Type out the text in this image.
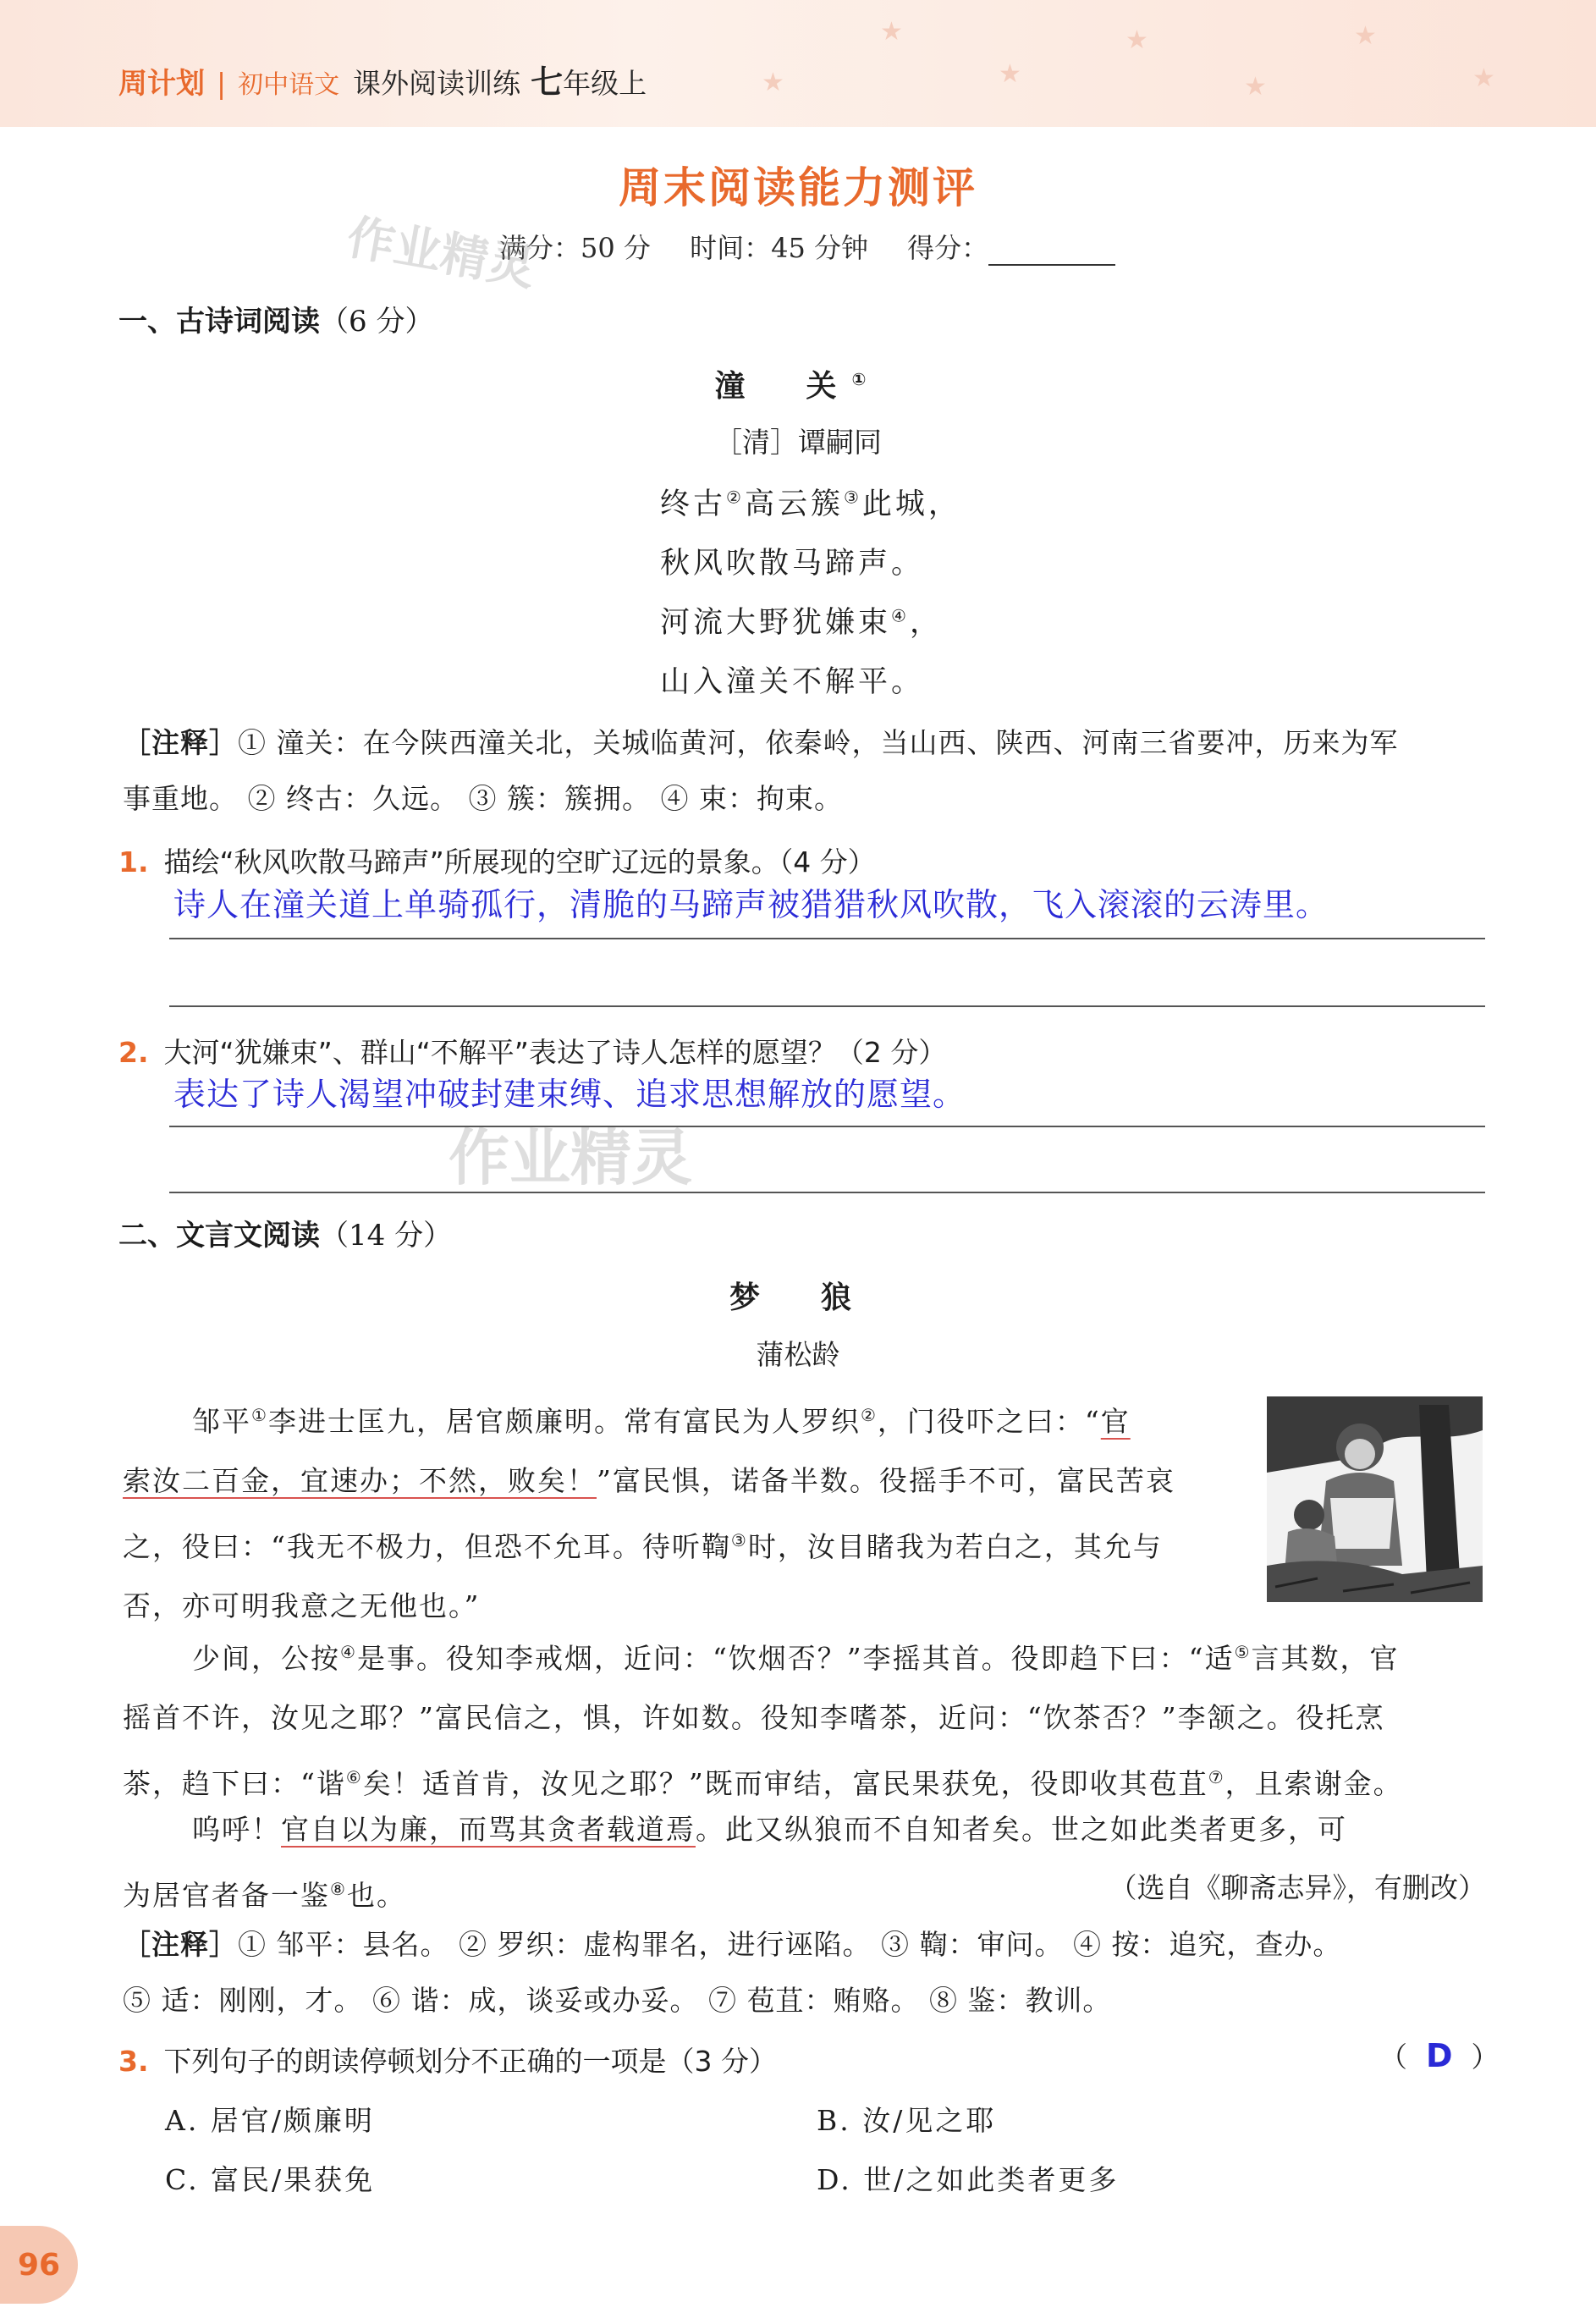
★
★
★
★
★
★
★
周计划 | 初中语文 课外阅读训练 七年级上
周末阅读能力测评
满分：50 分 时间：45 分钟 得分：
作业精灵
作业精灵
一、古诗词阅读（6 分）
潼　关①
［清］谭嗣同
终古②高云簇③此城，
秋风吹散马蹄声。
河流大野犹嫌束④，
山入潼关不解平。
［注释］① 潼关：在今陕西潼关北，关城临黄河，依秦岭，当山西、陕西、河南三省要冲，历来为军
事重地。 ② 终古：久远。 ③ 簇：簇拥。 ④ 束：拘束。
1. 描绘“秋风吹散马蹄声”所展现的空旷辽远的景象。（4 分）
诗人在潼关道上单骑孤行，清脆的马蹄声被猎猎秋风吹散，飞入滚滚的云涛里。
2. 大河“犹嫌束”、群山“不解平”表达了诗人怎样的愿望？（2 分）
表达了诗人渴望冲破封建束缚、追求思想解放的愿望。
二、文言文阅读（14 分）
梦　狼
蒲松龄
邹平①李进士匡九，居官颇廉明。常有富民为人罗织②，门役吓之曰：“官
索汝二百金，宜速办；不然，败矣！”富民惧，诺备半数。役摇手不可，富民苦哀
之，役曰：“我无不极力，但恐不允耳。待听鞫③时，汝目睹我为若白之，其允与
否，亦可明我意之无他也。”
少间，公按④是事。役知李戒烟，近问：“饮烟否？”李摇其首。役即趋下曰：“适⑤言其数，官
摇首不许，汝见之耶？”富民信之，惧，许如数。役知李嗜茶，近问：“饮茶否？”李颔之。役托烹
茶，趋下曰：“谐⑥矣！适首肯，汝见之耶？”既而审结，富民果获免，役即收其苞苴⑦，且索谢金。
呜呼！官自以为廉，而骂其贪者载道焉。此又纵狼而不自知者矣。世之如此类者更多，可
为居官者备一鉴⑧也。	（选自《聊斋志异》，有删改）
［注释］① 邹平：县名。 ② 罗织：虚构罪名，进行诬陷。 ③ 鞫：审问。 ④ 按：追究，查办。
⑤ 适：刚刚，才。 ⑥ 谐：成，谈妥或办妥。 ⑦ 苞苴：贿赂。 ⑧ 鉴：教训。
3. 下列句子的朗读停顿划分不正确的一项是（3 分）	（ D ）
A. 居官/颇廉明	B. 汝/见之耶
C. 富民/果获免	D. 世/之如此类者更多
96
